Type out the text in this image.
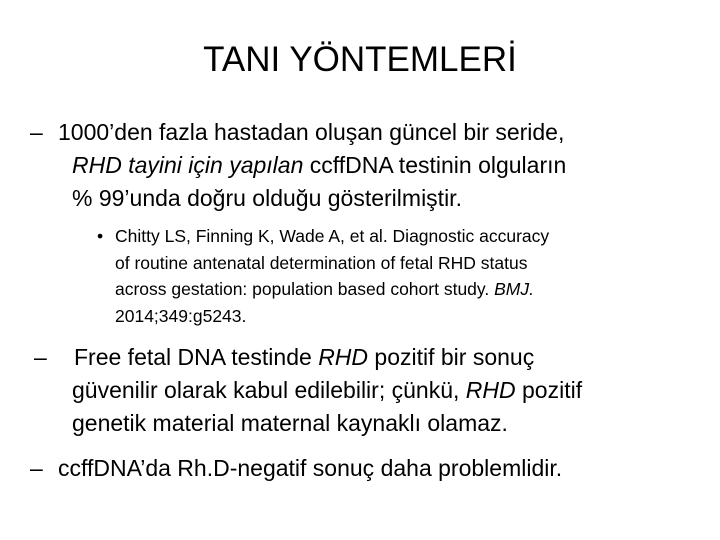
TANI YÖNTEMLERİ
– 1000’den fazla hastadan oluşan güncel bir seride,
RHD tayini için yapılan ccffDNA testinin olguların
% 99’unda doğru olduğu gösterilmiştir.
• Chitty LS, Finning K, Wade A, et al. Diagnostic accuracy
of routine antenatal determination of fetal RHD status
across gestation: population based cohort study. BMJ.
2014;349:g5243.
–	Free fetal DNA testinde RHD pozitif bir sonuç
güvenilir olarak kabul edilebilir; çünkü, RHD pozitif
genetik material maternal kaynaklı olamaz.
– ccffDNA’da Rh.D-negatif sonuç daha problemlidir.
